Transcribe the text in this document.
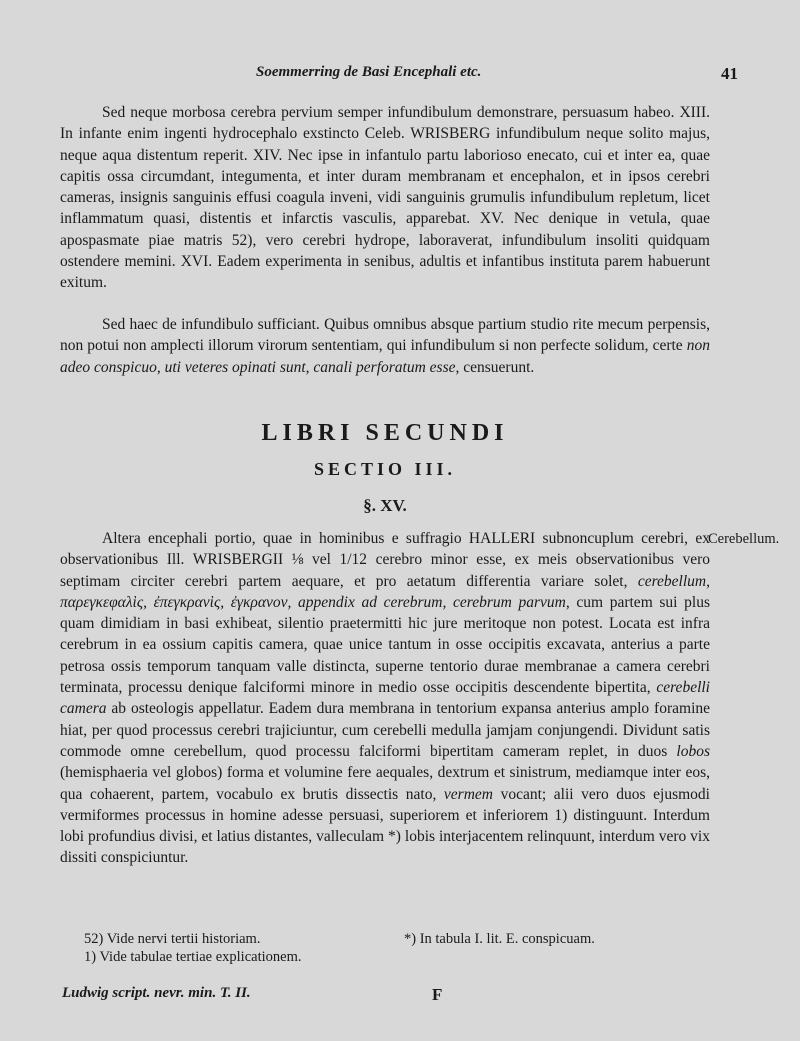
Soemmerring de Basi Encephali etc.	41

Sed neque morbosa cerebra pervium semper infundibulum demonstrare, persuasum habeo. XIII. In infante enim ingenti hydrocephalo exstincto Celeb. WRISBERG infundibulum neque solito majus, neque aqua distentum reperit. XIV. Nec ipse in infantulo partu laborioso enecato, cui et inter ea, quae capitis ossa circumdant, integumenta, et inter duram membranam et encephalon, et in ipsos cerebri cameras, insignis sanguinis effusi coagula inveni, vidi sanguinis grumulis infundibulum repletum, licet inflammatum quasi, distentis et infarctis vasculis, apparebat. XV. Nec denique in vetula, quae apospasmate piae matris 52), vero cerebri hydrope, laboraverat, infundibulum insoliti quidquam ostendere memini. XVI. Eadem experimenta in senibus, adultis et infantibus instituta parem habuerunt exitum.

Sed haec de infundibulo sufficiant. Quibus omnibus absque partium studio rite mecum perpensis, non potui non amplecti illorum virorum sententiam, qui infundibulum si non perfecte solidum, certe non adeo conspicuo, uti veteres opinati sunt, canali perforatum esse, censuerunt.

LIBRI SECUNDI
SECTIO III.
§. XV.
Cerebellum.

Altera encephali portio, quae in hominibus e suffragio HALLERI subnoncuplum cerebri, ex observationibus Ill. WRISBERGII ⅛ vel 1/12 cerebro minor esse, ex meis observationibus vero septimam circiter cerebri partem aequare, et pro aetatum differentia variare solet, cerebellum, παρεγκεφαλὶς, ἐπεγκρανὶς, ἐγκρανον, appendix ad cerebrum, cerebrum parvum, cum partem sui plus quam dimidiam in basi exhibeat, silentio praetermitti hic jure meritoque non potest. Locata est infra cerebrum in ea ossium capitis camera, quae unice tantum in osse occipitis excavata, anterius a parte petrosa ossis temporum tanquam valle distincta, superne tentorio durae membranae a camera cerebri terminata, processu denique falciformi minore in medio osse occipitis descendente bipertita, cerebelli camera ab osteologis appellatur. Eadem dura membrana in tentorium expansa anterius amplo foramine hiat, per quod processus cerebri trajiciuntur, cum cerebelli medulla jamjam conjungendi. Dividunt satis commode omne cerebellum, quod processu falciformi bipertitam cameram replet, in duos lobos (hemisphaeria vel globos) forma et volumine fere aequales, dextrum et sinistrum, mediamque inter eos, qua cohaerent, partem, vocabulo ex brutis dissectis nato, vermem vocant; alii vero duos ejusmodi vermiformes processus in homine adesse persuasi, superiorem et inferiorem 1) distinguunt. Interdum lobi profundius divisi, et latius distantes, valleculam *) lobis interjacentem relinquunt, interdum vero vix dissiti conspiciuntur.

52) Vide nervi tertii historiam.	*) In tabula I. lit. E. conspicuam.
1) Vide tabulae tertiae explicationem.
Ludwig script. nevr. min. T. II.	F
